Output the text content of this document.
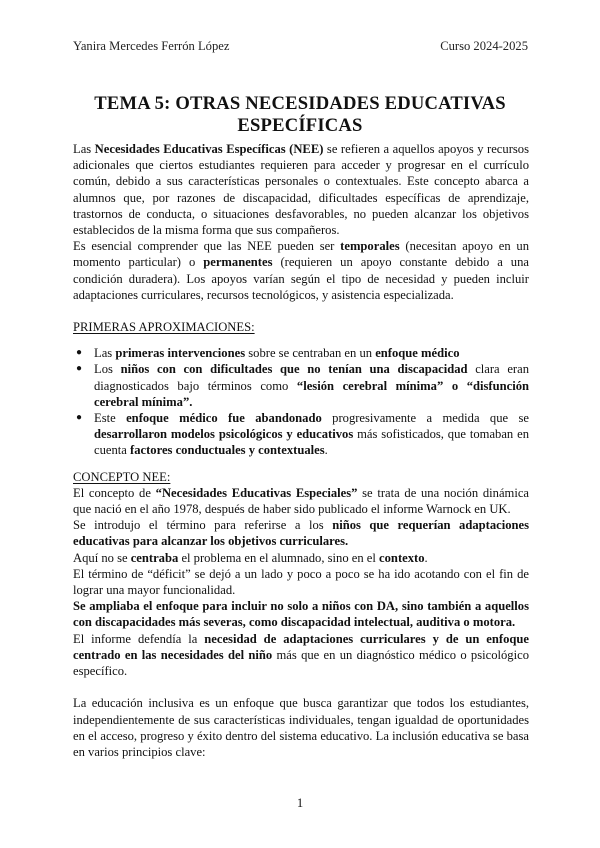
Yanira Mercedes Ferrón López	Curso 2024-2025
TEMA 5: OTRAS NECESIDADES EDUCATIVAS ESPECÍFICAS

Las Necesidades Educativas Específicas (NEE) se refieren a aquellos apoyos y recursos adicionales que ciertos estudiantes requieren para acceder y progresar en el currículo común, debido a sus características personales o contextuales. Este concepto abarca a alumnos que, por razones de discapacidad, dificultades específicas de aprendizaje, trastornos de conducta, o situaciones desfavorables, no pueden alcanzar los objetivos establecidos de la misma forma que sus compañeros.

Es esencial comprender que las NEE pueden ser temporales (necesitan apoyo en un momento particular) o permanentes (requieren un apoyo constante debido a una condición duradera). Los apoyos varían según el tipo de necesidad y pueden incluir adaptaciones curriculares, recursos tecnológicos, y asistencia especializada.

PRIMERAS APROXIMACIONES:
● Las primeras intervenciones sobre se centraban en un enfoque médico
● Los niños con con dificultades que no tenían una discapacidad clara eran diagnosticados bajo términos como “lesión cerebral mínima” o “disfunción cerebral mínima”.
● Este enfoque médico fue abandonado progresivamente a medida que se desarrollaron modelos psicológicos y educativos más sofisticados, que tomaban en cuenta factores conductuales y contextuales.
CONCEPTO NEE:

El concepto de “Necesidades Educativas Especiales” se trata de una noción dinámica que nació en el año 1978, después de haber sido publicado el informe Warnock en UK.

Se introdujo el término para referirse a los niños que requerían adaptaciones educativas para alcanzar los objetivos curriculares.

Aquí no se centraba el problema en el alumnado, sino en el contexto.

El término de “déficit” se dejó a un lado y poco a poco se ha ido acotando con el fin de lograr una mayor funcionalidad.

Se ampliaba el enfoque para incluir no solo a niños con DA, sino también a aquellos con discapacidades más severas, como discapacidad intelectual, auditiva o motora.

El informe defendía la necesidad de adaptaciones curriculares y de un enfoque centrado en las necesidades del niño más que en un diagnóstico médico o psicológico específico.

La educación inclusiva es un enfoque que busca garantizar que todos los estudiantes, independientemente de sus características individuales, tengan igualdad de oportunidades en el acceso, progreso y éxito dentro del sistema educativo. La inclusión educativa se basa en varios principios clave:

1
